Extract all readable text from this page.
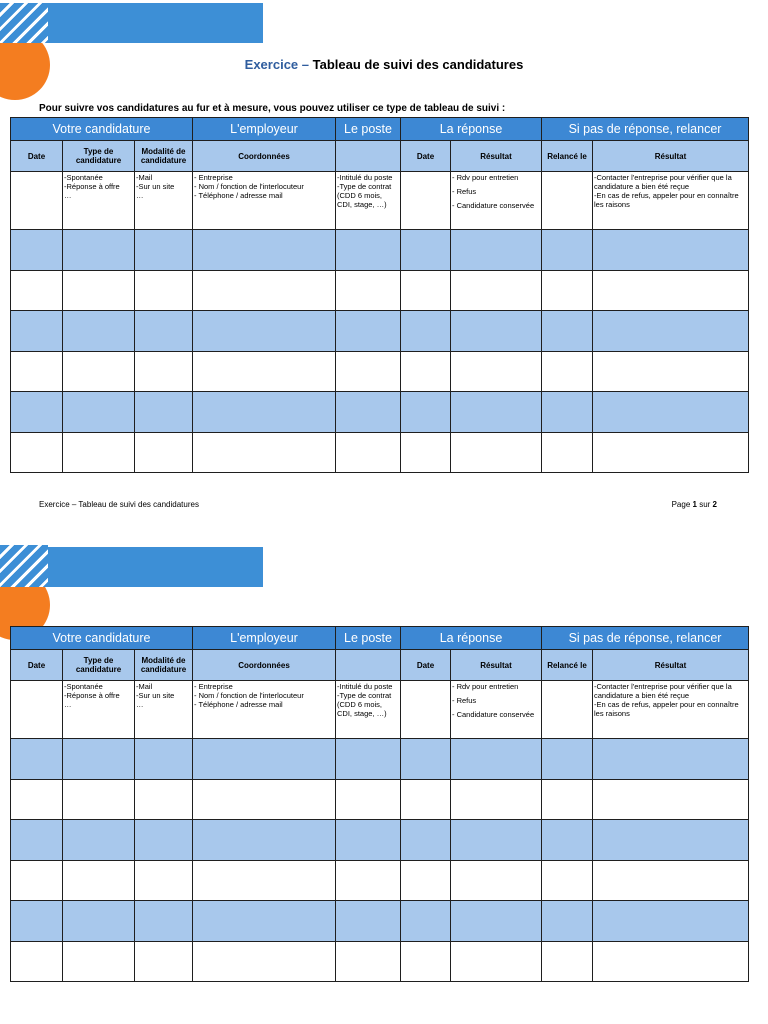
Exercice – Tableau de suivi des candidatures
Pour suivre vos candidatures au fur et à mesure, vous pouvez utiliser ce type de tableau de suivi :
Votre candidature			L'employeur	Le poste	La réponse		Si pas de réponse, relancer	
Date	Type de candidature	Modalité de candidature	Coordonnées		Date	Résultat	Relancé le	Résultat

	-Spontanée
-Réponse à offre
…	-Mail
-Sur un site
…	- Entreprise
- Nom / fonction de l'interlocuteur
- Téléphone / adresse mail	-Intitulé du poste
-Type de contrat (CDD 6 mois, CDI, stage, …)		- Rdv pour entretien
- Refus
- Candidature conservée		-Contacter l'entreprise pour vérifier que la candidature a bien été reçue
-En cas de refus, appeler pour en connaître les raisons

Exercice – Tableau de suivi des candidatures	Page 1 sur 2
Votre candidature			L'employeur	Le poste	La réponse		Si pas de réponse, relancer	
Date	Type de candidature	Modalité de candidature	Coordonnées		Date	Résultat	Relancé le	Résultat

	-Spontanée
-Réponse à offre
…	-Mail
-Sur un site
…	- Entreprise
- Nom / fonction de l'interlocuteur
- Téléphone / adresse mail	-Intitulé du poste
-Type de contrat (CDD 6 mois, CDI, stage, …)		- Rdv pour entretien
- Refus
- Candidature conservée		-Contacter l'entreprise pour vérifier que la candidature a bien été reçue
-En cas de refus, appeler pour en connaître les raisons
